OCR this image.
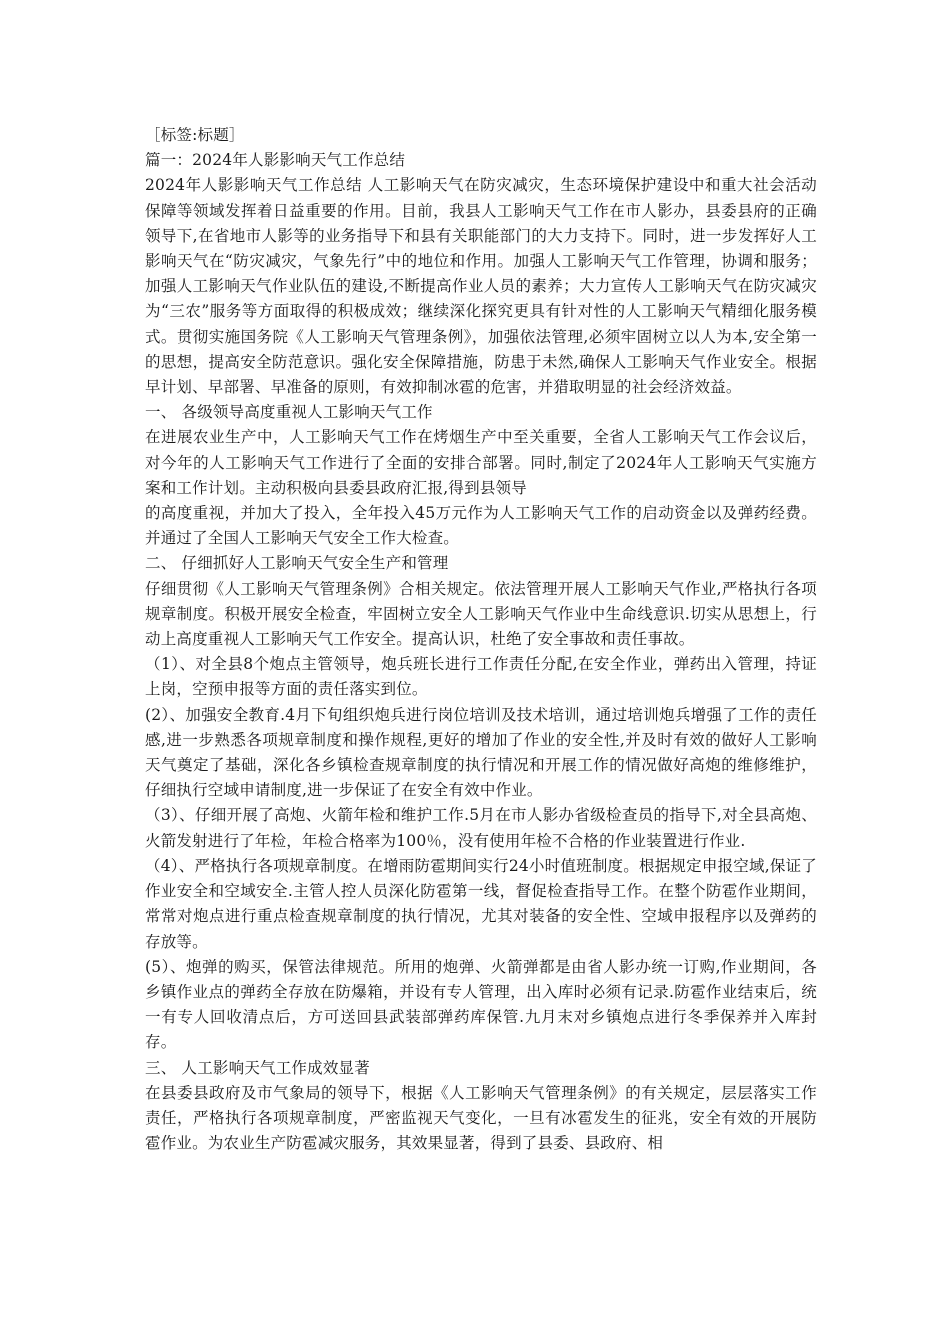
［标签:标题］

篇一：2024年人影影响天气工作总结

2024年人影影响天气工作总结 人工影响天气在防灾减灾，生态环境保护建设中和重大社会活动保障等领域发挥着日益重要的作用。目前，我县人工影响天气工作在市人影办，县委县府的正确领导下,在省地市人影等的业务指导下和县有关职能部门的大力支持下。同时，进一步发挥好人工影响天气在“防灾减灾，气象先行”中的地位和作用。加强人工影响天气工作管理，协调和服务；加强人工影响天气作业队伍的建设,不断提高作业人员的素养；大力宣传人工影响天气在防灾减灾为“三农”服务等方面取得的积极成效；继续深化探究更具有针对性的人工影响天气精细化服务模式。贯彻实施国务院《人工影响天气管理条例》，加强依法管理,必须牢固树立以人为本,安全第一的思想，提高安全防范意识。强化安全保障措施，防患于未然,确保人工影响天气作业安全。根据早计划、早部署、早准备的原则，有效抑制冰雹的危害，并猎取明显的社会经济效益。

一、 各级领导高度重视人工影响天气工作

在进展农业生产中，人工影响天气工作在烤烟生产中至关重要，全省人工影响天气工作会议后，对今年的人工影响天气工作进行了全面的安排合部署。同时,制定了2024年人工影响天气实施方案和工作计划。主动积极向县委县政府汇报,得到县领导

的高度重视，并加大了投入，全年投入45万元作为人工影响天气工作的启动资金以及弹药经费。并通过了全国人工影响天气安全工作大检查。

二、 仔细抓好人工影响天气安全生产和管理

仔细贯彻《人工影响天气管理条例》合相关规定。依法管理开展人工影响天气作业,严格执行各项规章制度。积极开展安全检查，牢固树立安全人工影响天气作业中生命线意识.切实从思想上，行动上高度重视人工影响天气工作安全。提高认识，杜绝了安全事故和责任事故。

（1）、对全县8个炮点主管领导，炮兵班长进行工作责任分配,在安全作业，弹药出入管理，持证上岗，空预申报等方面的责任落实到位。

(2）、加强安全教育.4月下旬组织炮兵进行岗位培训及技术培训，通过培训炮兵增强了工作的责任感,进一步熟悉各项规章制度和操作规程,更好的增加了作业的安全性,并及时有效的做好人工影响天气奠定了基础，深化各乡镇检查规章制度的执行情况和开展工作的情况做好高炮的维修维护，仔细执行空域申请制度,进一步保证了在安全有效中作业。

（3）、仔细开展了高炮、火箭年检和维护工作.5月在市人影办省级检查员的指导下,对全县高炮、火箭发射进行了年检，年检合格率为100％，没有使用年检不合格的作业装置进行作业.

（4）、严格执行各项规章制度。在增雨防雹期间实行24小时值班制度。根据规定申报空域,保证了作业安全和空域安全.主管人控人员深化防雹第一线，督促检查指导工作。在整个防雹作业期间，常常对炮点进行重点检查规章制度的执行情况，尤其对装备的安全性、空域申报程序以及弹药的存放等。

(5）、炮弹的购买，保管法律规范。所用的炮弹、火箭弹都是由省人影办统一订购,作业期间，各乡镇作业点的弹药全存放在防爆箱，并设有专人管理，出入库时必须有记录.防雹作业结束后，统一有专人回收清点后，方可送回县武装部弹药库保管.九月末对乡镇炮点进行冬季保养并入库封存。

三、 人工影响天气工作成效显著

在县委县政府及市气象局的领导下，根据《人工影响天气管理条例》的有关规定，层层落实工作责任，严格执行各项规章制度，严密监视天气变化，一旦有冰雹发生的征兆，安全有效的开展防雹作业。为农业生产防雹减灾服务，其效果显著，得到了县委、县政府、相
